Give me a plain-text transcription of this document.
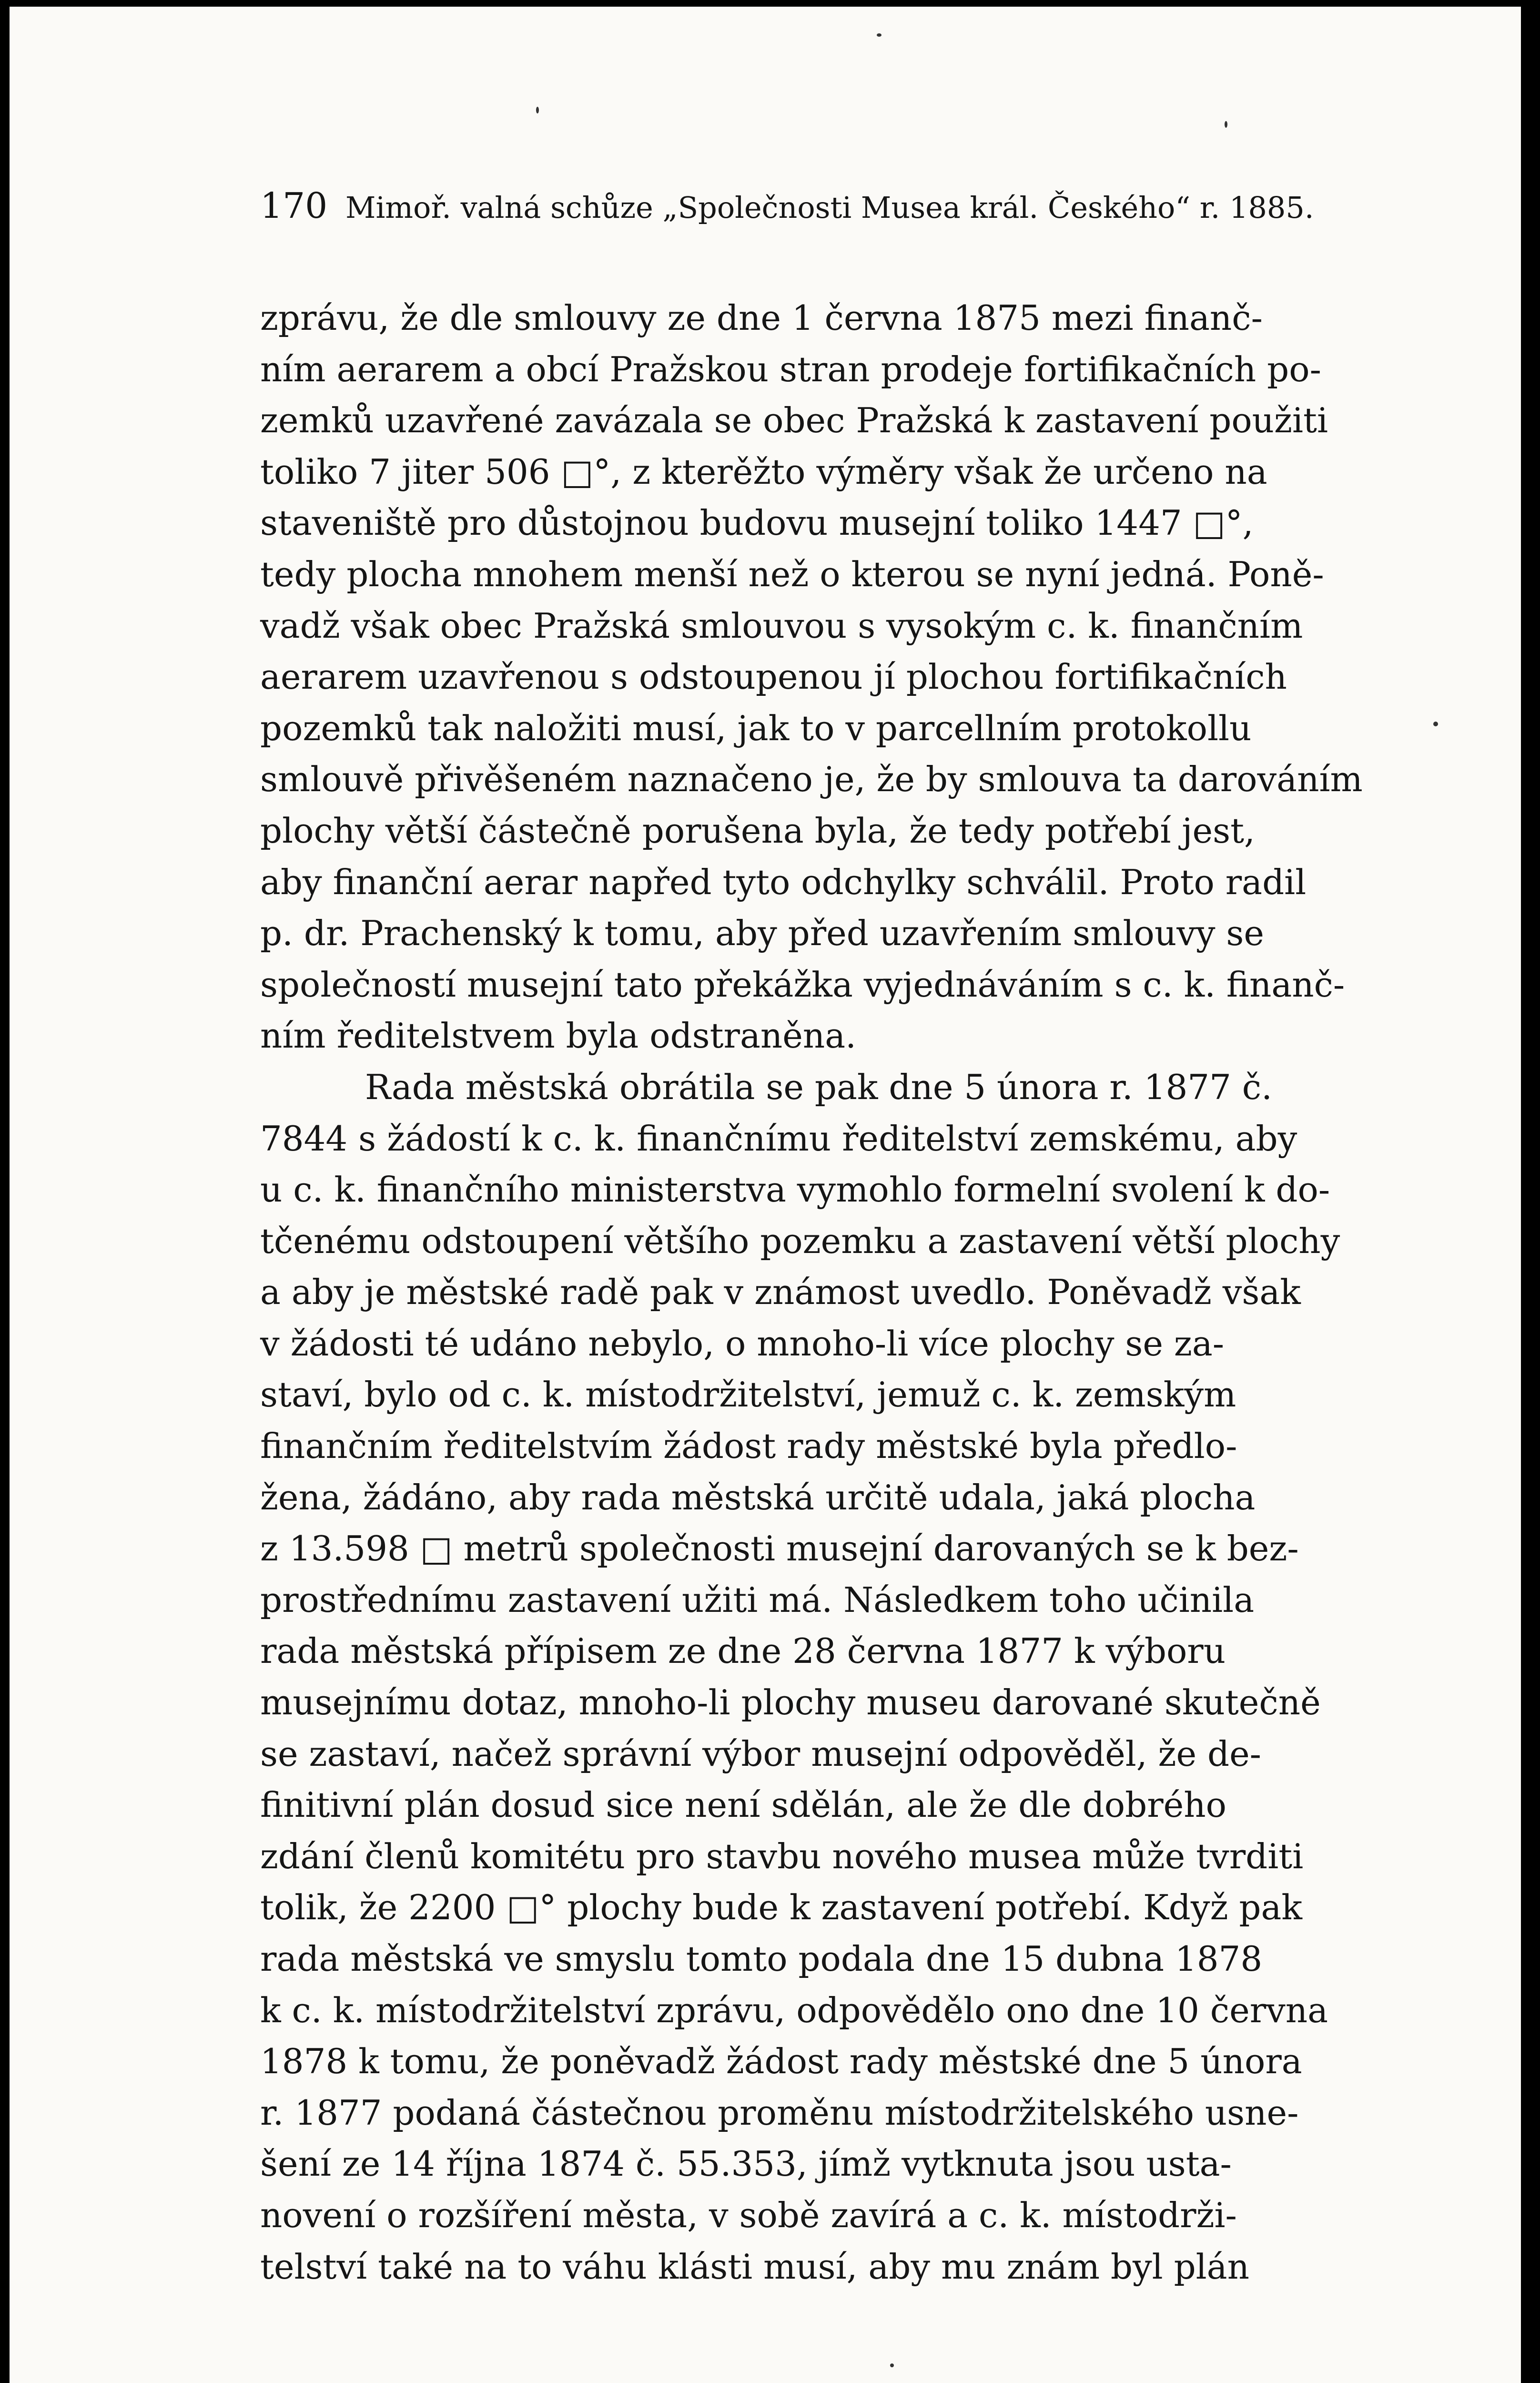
170 Mimoř. valná schůze „Společnosti Musea král. Českého“ r. 1885.
zprávu, že dle smlouvy ze dne 1 června 1875 mezi finanč-
ním aerarem a obcí Pražskou stran prodeje fortifikačních po-
zemků uzavřené zavázala se obec Pražská k zastavení použiti
toliko 7 jiter 506 □°, z kterěžto výměry však že určeno na
staveniště pro důstojnou budovu musejní toliko 1447 □°,
tedy plocha mnohem menší než o kterou se nyní jedná. Poně-
vadž však obec Pražská smlouvou s vysokým c. k. finančním
aerarem uzavřenou s odstoupenou jí plochou fortifikačních
pozemků tak naložiti musí, jak to v parcellním protokollu
smlouvě přivěšeném naznačeno je, že by smlouva ta darováním
plochy větší částečně porušena byla, že tedy potřebí jest,
aby finanční aerar napřed tyto odchylky schválil. Proto radil
p. dr. Prachenský k tomu, aby před uzavřením smlouvy se
společností musejní tato překážka vyjednáváním s c. k. finanč-
ním ředitelstvem byla odstraněna.
Rada městská obrátila se pak dne 5 února r. 1877 č.
7844 s žádostí k c. k. finančnímu ředitelství zemskému, aby
u c. k. finančního ministerstva vymohlo formelní svolení k do-
tčenému odstoupení většího pozemku a zastavení větší plochy
a aby je městské radě pak v známost uvedlo. Poněvadž však
v žádosti té udáno nebylo, o mnoho-li více plochy se za-
staví, bylo od c. k. místodržitelství, jemuž c. k. zemským
finančním ředitelstvím žádost rady městské byla předlo-
žena, žádáno, aby rada městská určitě udala, jaká plocha
z 13.598 □ metrů společnosti musejní darovaných se k bez-
prostřednímu zastavení užiti má. Následkem toho učinila
rada městská přípisem ze dne 28 června 1877 k výboru
musejnímu dotaz, mnoho-li plochy museu darované skutečně
se zastaví, načež správní výbor musejní odpověděl, že de-
finitivní plán dosud sice není sdělán, ale že dle dobrého
zdání členů komitétu pro stavbu nového musea může tvrditi
tolik, že 2200 □° plochy bude k zastavení potřebí. Když pak
rada městská ve smyslu tomto podala dne 15 dubna 1878
k c. k. místodržitelství zprávu, odpovědělo ono dne 10 června
1878 k tomu, že poněvadž žádost rady městské dne 5 února
r. 1877 podaná částečnou proměnu místodržitelského usne-
šení ze 14 října 1874 č. 55.353, jímž vytknuta jsou usta-
novení o rozšíření města, v sobě zavírá a c. k. místodrži-
telství také na to váhu klásti musí, aby mu znám byl plán
